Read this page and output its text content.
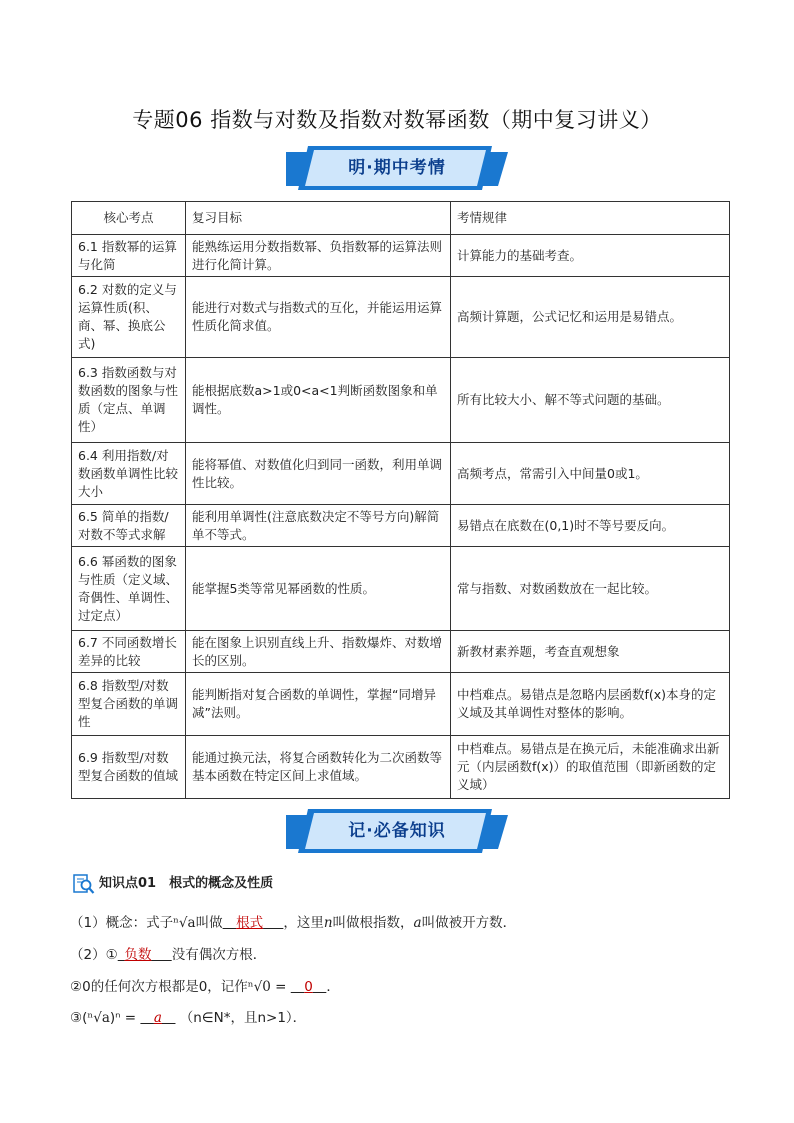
专题06 指数与对数及指数对数幂函数（期中复习讲义）
明·期中考情
核心考点	复习目标	考情规律
6.1 指数幂的运算与化简	能熟练运用分数指数幂、负指数幂的运算法则进行化简计算。	计算能力的基础考查。
6.2 对数的定义与运算性质(积、商、幂、换底公式)	能进行对数式与指数式的互化，并能运用运算性质化简求值。	高频计算题，公式记忆和运用是易错点。
6.3 指数函数与对数函数的图象与性质（定点、单调性）	能根据底数a>1或0<a<1判断函数图象和单调性。	所有比较大小、解不等式问题的基础。
6.4 利用指数/对数函数单调性比较大小	能将幂值、对数值化归到同一函数，利用单调性比较。	高频考点，常需引入中间量0或1。
6.5 简单的指数/对数不等式求解	能利用单调性(注意底数决定不等号方向)解简单不等式。	易错点在底数在(0,1)时不等号要反向。
6.6 幂函数的图象与性质（定义域、奇偶性、单调性、过定点）	能掌握5类等常见幂函数的性质。	常与指数、对数函数放在一起比较。
6.7 不同函数增长差异的比较	能在图象上识别直线上升、指数爆炸、对数增长的区别。	新教材素养题，考查直观想象
6.8 指数型/对数型复合函数的单调性	能判断指对复合函数的单调性，掌握“同增异减”法则。	中档难点。易错点是忽略内层函数f(x)本身的定义域及其单调性对整体的影响。
6.9 指数型/对数型复合函数的值域	能通过换元法，将复合函数转化为二次函数等基本函数在特定区间上求值域。	中档难点。易错点是在换元后，未能准确求出新元（内层函数f(x)）的取值范围（即新函数的定义域）
记·必备知识
知识点01　根式的概念及性质
（1）概念：式子ⁿ√a叫做   根式    ，这里n叫做根指数，a叫做被开方数．
（2）①  负数    没有偶次方根．
②0的任何次方根都是0，记作ⁿ√0 =    0   ．
③(ⁿ√a)ⁿ =    a   （n∈N*，且n>1）．
